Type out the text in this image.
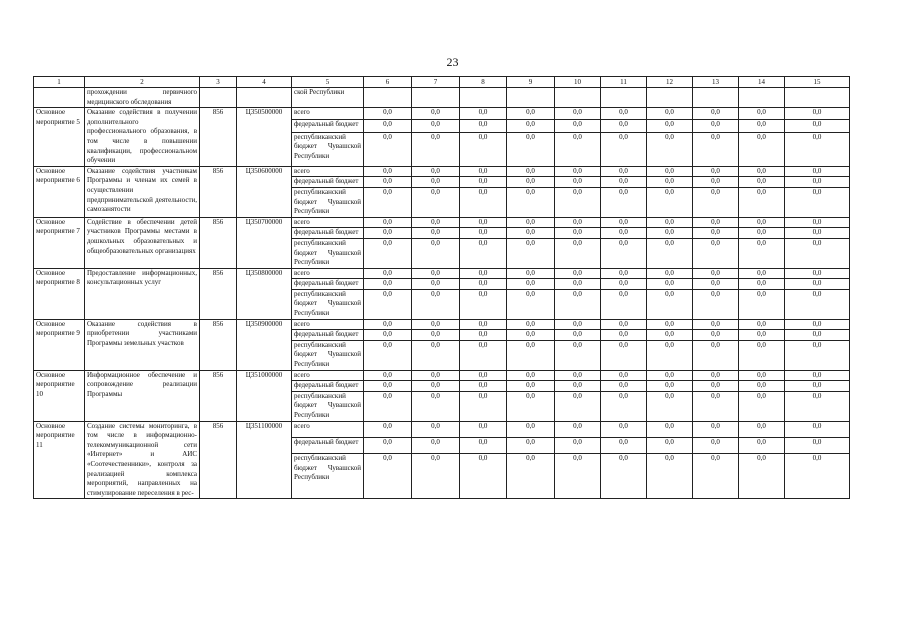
23
1	2	3	4	5	6	7	8	9	10	11	12	13	14	15
	прохождении первичного медицинского обследования			ской Республики										
Основное мероприятие 5	Оказание содействия в получении дополнительного профессионального образования, в том числе в повышении квалификации, профессиональном обучении	856	Ц350500000	всего	0,0	0,0	0,0	0,0	0,0	0,0	0,0	0,0	0,0	0,0
				федеральный бюджет	0,0	0,0	0,0	0,0	0,0	0,0	0,0	0,0	0,0	0,0
				республиканский бюджет Чувашской Республики	0,0	0,0	0,0	0,0	0,0	0,0	0,0	0,0	0,0	0,0
Основное мероприятие 6	Оказание содействия участникам Программы и членам их семей в осуществлении предпринимательской деятельности, самозанятости	856	Ц350600000	всего	0,0	0,0	0,0	0,0	0,0	0,0	0,0	0,0	0,0	0,0
				федеральный бюджет	0,0	0,0	0,0	0,0	0,0	0,0	0,0	0,0	0,0	0,0
				республиканский бюджет Чувашской Республики	0,0	0,0	0,0	0,0	0,0	0,0	0,0	0,0	0,0	0,0
Основное мероприятие 7	Содействие в обеспечении детей участников Программы местами в дошкольных образовательных и общеобразовательных организациях	856	Ц350700000	всего	0,0	0,0	0,0	0,0	0,0	0,0	0,0	0,0	0,0	0,0
				федеральный бюджет	0,0	0,0	0,0	0,0	0,0	0,0	0,0	0,0	0,0	0,0
				республиканский бюджет Чувашской Республики	0,0	0,0	0,0	0,0	0,0	0,0	0,0	0,0	0,0	0,0
Основное мероприятие 8	Предоставление информационных, консультационных услуг	856	Ц350800000	всего	0,0	0,0	0,0	0,0	0,0	0,0	0,0	0,0	0,0	0,0
				федеральный бюджет	0,0	0,0	0,0	0,0	0,0	0,0	0,0	0,0	0,0	0,0
				республиканский бюджет Чувашской Республики	0,0	0,0	0,0	0,0	0,0	0,0	0,0	0,0	0,0	0,0
Основное мероприятие 9	Оказание содействия в приобретении участниками Программы земельных участков	856	Ц350900000	всего	0,0	0,0	0,0	0,0	0,0	0,0	0,0	0,0	0,0	0,0
				федеральный бюджет	0,0	0,0	0,0	0,0	0,0	0,0	0,0	0,0	0,0	0,0
				республиканский бюджет Чувашской Республики	0,0	0,0	0,0	0,0	0,0	0,0	0,0	0,0	0,0	0,0
Основное мероприятие 10	Информационное обеспечение и сопровождение реализации Программы	856	Ц351000000	всего	0,0	0,0	0,0	0,0	0,0	0,0	0,0	0,0	0,0	0,0
				федеральный бюджет	0,0	0,0	0,0	0,0	0,0	0,0	0,0	0,0	0,0	0,0
				республиканский бюджет Чувашской Республики	0,0	0,0	0,0	0,0	0,0	0,0	0,0	0,0	0,0	0,0
Основное мероприятие 11	Создание системы мониторинга, в том числе в информационно-телекоммуникационной сети «Интернет» и АИС «Соотечественники», контроля за реализацией комплекса мероприятий, направленных на стимулирование переселения в рес-	856	Ц351100000	всего	0,0	0,0	0,0	0,0	0,0	0,0	0,0	0,0	0,0	0,0
				федеральный бюджет	0,0	0,0	0,0	0,0	0,0	0,0	0,0	0,0	0,0	0,0
				республиканский бюджет Чувашской Республики	0,0	0,0	0,0	0,0	0,0	0,0	0,0	0,0	0,0	0,0
